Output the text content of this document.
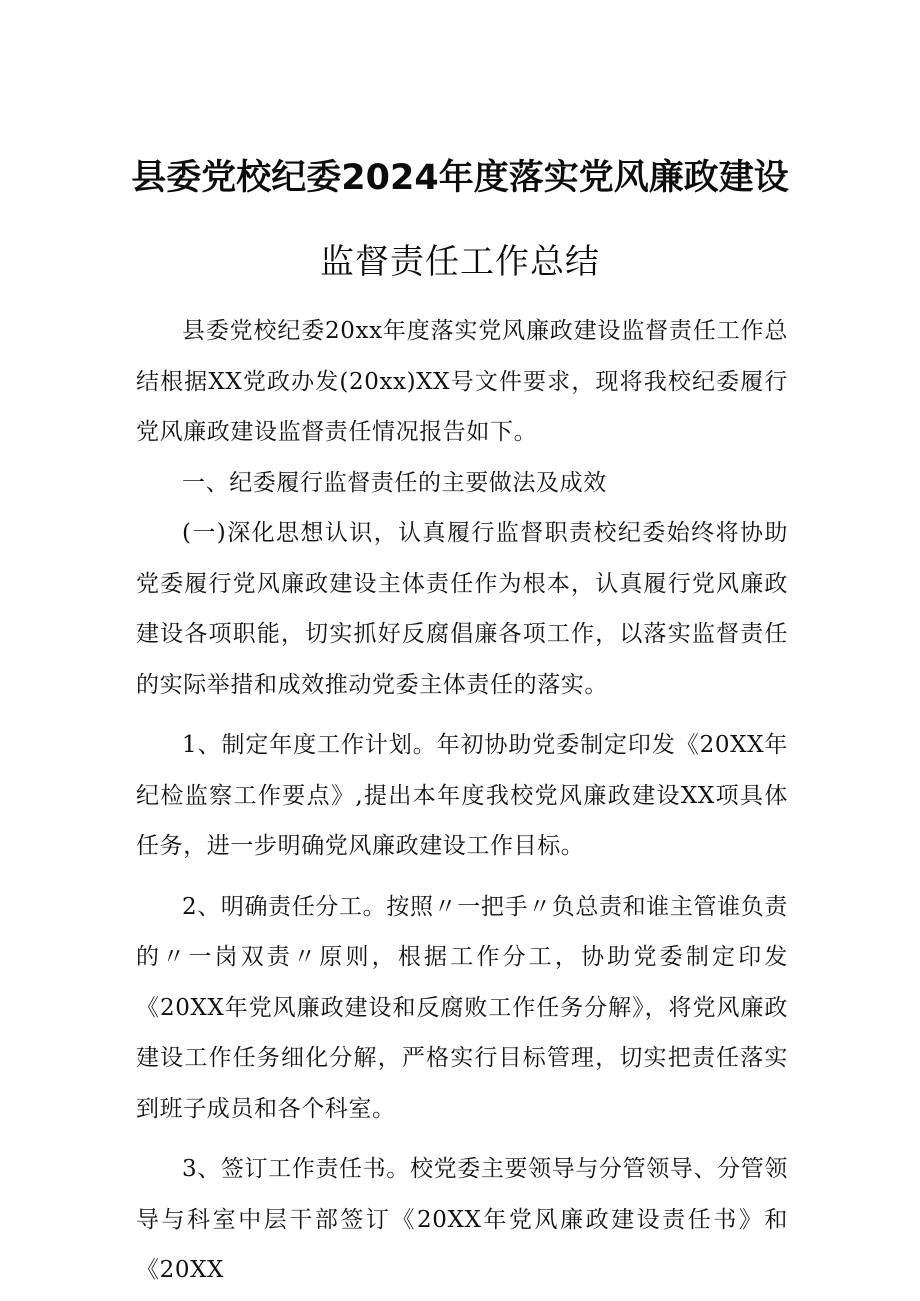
县委党校纪委2024年度落实党风廉政建设
监督责任工作总结

县委党校纪委20xx年度落实党风廉政建设监督责任工作总结根据XX党政办发(20xx)XX号文件要求，现将我校纪委履行党风廉政建设监督责任情况报告如下。

一、纪委履行监督责任的主要做法及成效

(一)深化思想认识，认真履行监督职责校纪委始终将协助党委履行党风廉政建设主体责任作为根本，认真履行党风廉政建设各项职能，切实抓好反腐倡廉各项工作，以落实监督责任的实际举措和成效推动党委主体责任的落实。

1、制定年度工作计划。年初协助党委制定印发《20XX年纪检监察工作要点》,提出本年度我校党风廉政建设XX项具体任务，进一步明确党风廉政建设工作目标。

2、明确责任分工。按照〃一把手〃负总责和谁主管谁负责的〃一岗双责〃原则，根据工作分工，协助党委制定印发《20XX年党风廉政建设和反腐败工作任务分解》，将党风廉政建设工作任务细化分解，严格实行目标管理，切实把责任落实到班子成员和各个科室。

3、签订工作责任书。校党委主要领导与分管领导、分管领导与科室中层干部签订《20XX年党风廉政建设责任书》和《20XX
